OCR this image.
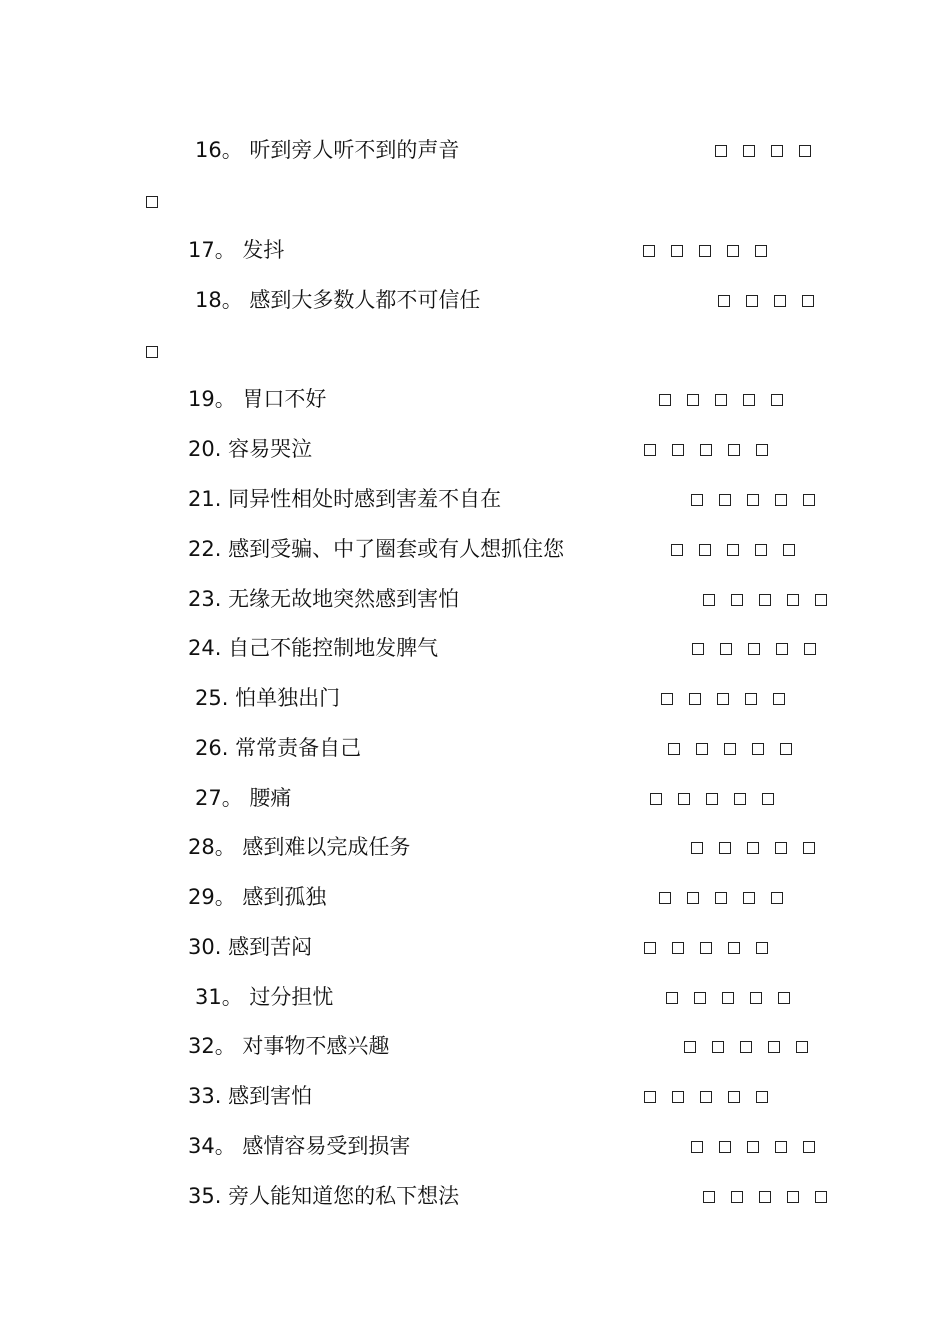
16。 听到旁人听不到的声音
17。 发抖
18。 感到大多数人都不可信任
19。 胃口不好
20. 容易哭泣
21. 同异性相处时感到害羞不自在
22. 感到受骗、中了圈套或有人想抓住您
23. 无缘无故地突然感到害怕
24. 自己不能控制地发脾气
25. 怕单独出门
26. 常常责备自己
27。 腰痛
28。 感到难以完成任务
29。 感到孤独
30. 感到苦闷
31。 过分担忧
32。 对事物不感兴趣
33. 感到害怕
34。 感情容易受到损害
35. 旁人能知道您的私下想法
